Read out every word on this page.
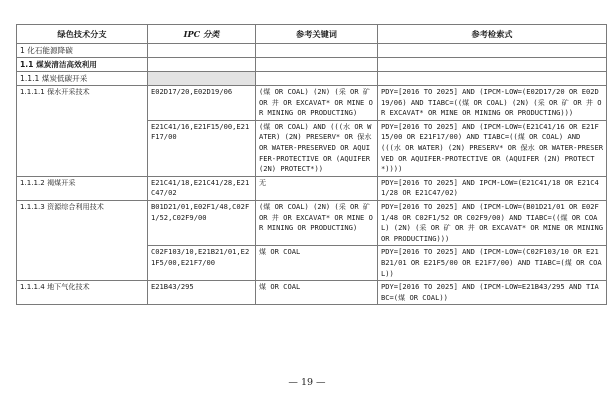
绿色技术分支	IPC 分类	参考关键词	参考检索式
1 化石能源降碳			
1.1 煤炭清洁高效利用			
1.1.1 煤炭低碳开采			
1.1.1.1 保水开采技术	E02D17/20,E02D19/06	(煤 OR COAL) (2N) (采 OR 矿 OR 井 OR EXCAVAT* OR MINE OR MINING OR PRODUCTING)	PDY=[2016 TO 2025] AND (IPCM-LOW=(E02D17/20 OR E02D19/06) AND TIABC=((煤 OR COAL) (2N) (采 OR 矿 OR 井 OR EXCAVAT* OR MINE OR MINING OR PRODUCTING)))
	E21C41/16,E21F15/00,E21F17/00	(煤 OR COAL) AND (((水 OR WATER) (2N) PRESERV* OR 保水 OR WATER-PRESERVED OR AQUIFER-PROTECTIVE OR (AQUIFER (2N) PROTECT*))	PDY=[2016 TO 2025] AND (IPCM-LOW=(E21C41/16 OR E21F15/00 OR E21F17/00) AND TIABC=((煤 OR COAL) AND (((水 OR WATER) (2N) PRESERV* OR 保水 OR WATER-PRESERVED OR AQUIFER-PROTECTIVE OR (AQUIFER (2N) PROTECT*))))
1.1.1.2 褐煤开采	E21C41/18,E21C41/28,E21C47/02	无	PDY=[2016 TO 2025] AND IPCM-LOW=(E21C41/18 OR E21C41/28 OR E21C47/02)
1.1.1.3 资源综合利用技术	B01D21/01,E02F1/48,C02F1/52,C02F9/00	(煤 OR COAL) (2N) (采 OR 矿 OR 井 OR EXCAVAT* OR MINE OR MINING OR PRODUCTING)	PDY=[2016 TO 2025] AND (IPCM-LOW=(B01D21/01 OR E02F1/48 OR C02F1/52 OR C02F9/00) AND TIABC=((煤 OR COAL) (2N) (采 OR 矿 OR 井 OR EXCAVAT* OR MINE OR MINING OR PRODUCTING)))
	C02F103/10,E21B21/01,E21F5/00,E21F7/00	煤 OR COAL	PDY=[2016 TO 2025] AND (IPCM-LOW=(C02F103/10 OR E21B21/01 OR E21F5/00 OR E21F7/00) AND TIABC=(煤 OR COAL))
1.1.1.4 地下气化技术	E21B43/295	煤 OR COAL	PDY=[2016 TO 2025] AND (IPCM-LOW=E21B43/295 AND TIABC=(煤 OR COAL))
— 19 —
